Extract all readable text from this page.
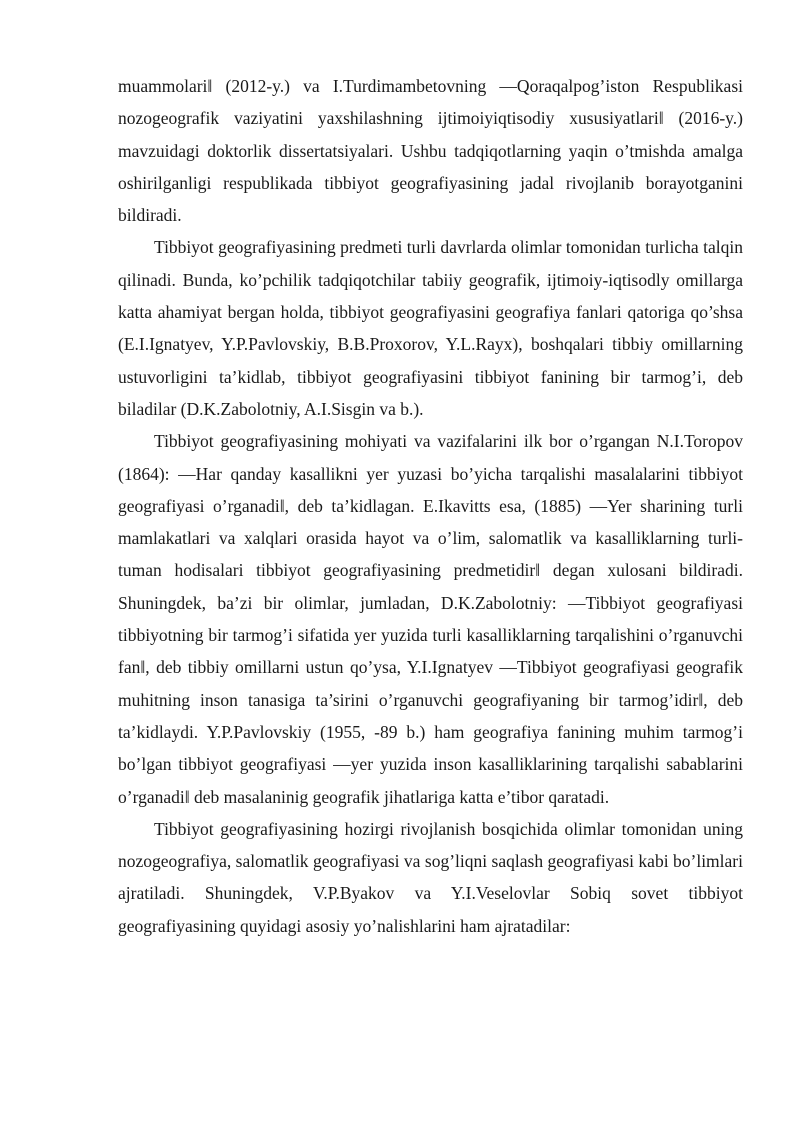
muammolari‖ (2012-y.) va I.Turdimambetovning ―Qoraqalpog’iston Respublikasi nozogeografik vaziyatini yaxshilashning ijtimoiyiqtisodiy xususiyatlari‖ (2016-y.) mavzuidagi doktorlik dissertatsiyalari. Ushbu tadqiqotlarning yaqin o’tmishda amalga oshirilganligi respublikada tibbiyot geografiyasining jadal rivojlanib borayotganini bildiradi.

Tibbiyot geografiyasining predmeti turli davrlarda olimlar tomonidan turlicha talqin qilinadi. Bunda, ko’pchilik tadqiqotchilar tabiiy geografik, ijtimoiy-iqtisodly omillarga katta ahamiyat bergan holda, tibbiyot geografiyasini geografiya fanlari qatoriga qo’shsa (E.I.Ignatyev, Y.P.Pavlovskiy, B.B.Proxorov, Y.L.Rayx), boshqalari tibbiy omillarning ustuvorligini ta’kidlab, tibbiyot geografiyasini tibbiyot fanining bir tarmog’i, deb biladilar (D.K.Zabolotniy, A.I.Sisgin va b.).

Tibbiyot geografiyasining mohiyati va vazifalarini ilk bor o’rgangan N.I.Toropov (1864): ―Har qanday kasallikni yer yuzasi bo’yicha tarqalishi masalalarini tibbiyot geografiyasi o’rganadi‖, deb ta’kidlagan. E.Ikavitts esa, (1885) ―Yer sharining turli mamlakatlari va xalqlari orasida hayot va o’lim, salomatlik va kasalliklarning turli-tuman hodisalari tibbiyot geografiyasining predmetidir‖ degan xulosani bildiradi. Shuningdek, ba’zi bir olimlar, jumladan, D.K.Zabolotniy: ―Tibbiyot geografiyasi tibbiyotning bir tarmog’i sifatida yer yuzida turli kasalliklarning tarqalishini o’rganuvchi fan‖, deb tibbiy omillarni ustun qo’ysa, Y.I.Ignatyev ―Tibbiyot geografiyasi geografik muhitning inson tanasiga ta’sirini o’rganuvchi geografiyaning bir tarmog’idir‖, deb ta’kidlaydi. Y.P.Pavlovskiy (1955, -89 b.) ham geografiya fanining muhim tarmog’i bo’lgan tibbiyot geografiyasi ―yer yuzida inson kasalliklarining tarqalishi sabablarini o’rganadi‖ deb masalaninig geografik jihatlariga katta e’tibor qaratadi.

Tibbiyot geografiyasining hozirgi rivojlanish bosqichida olimlar tomonidan uning nozogeografiya, salomatlik geografiyasi va sog’liqni saqlash geografiyasi kabi bo’limlari ajratiladi. Shuningdek, V.P.Byakov va Y.I.Veselovlar Sobiq sovet tibbiyot geografiyasining quyidagi asosiy yo’nalishlarini ham ajratadilar:
